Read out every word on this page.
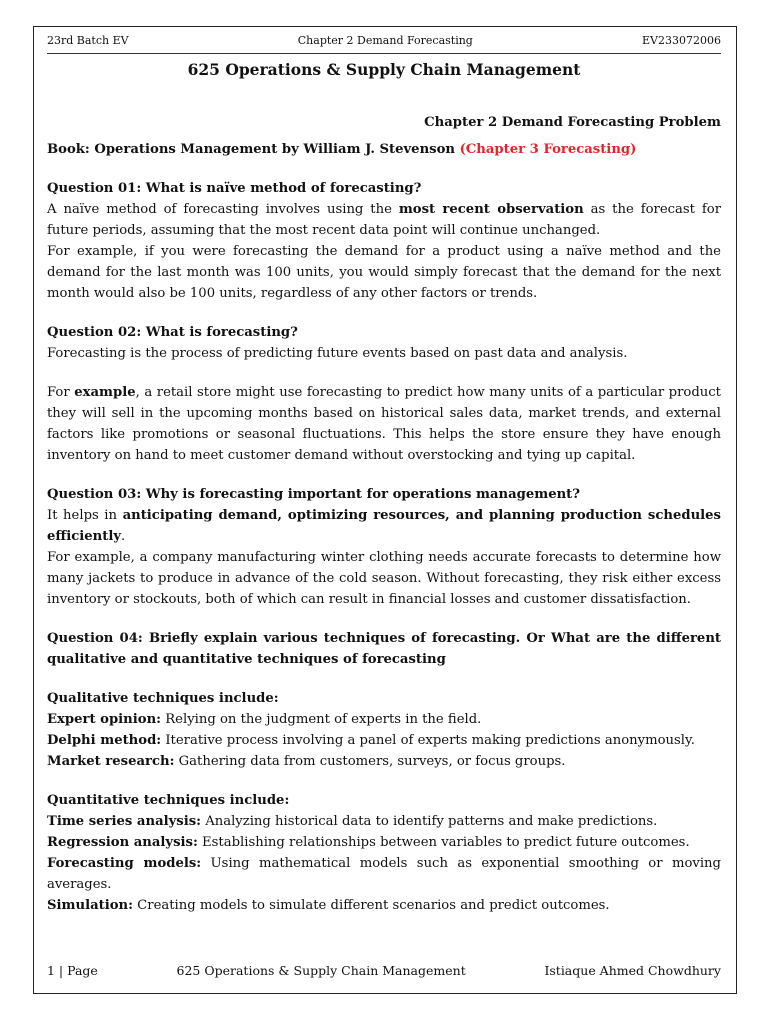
23rd Batch EV	Chapter 2 Demand Forecasting	EV233072006
625 Operations & Supply Chain Management

Chapter 2 Demand Forecasting Problem

Book: Operations Management by William J. Stevenson (Chapter 3 Forecasting)

Question 01: What is naïve method of forecasting?

A naïve method of forecasting involves using the most recent observation as the forecast for future periods, assuming that the most recent data point will continue unchanged.

For example, if you were forecasting the demand for a product using a naïve method and the demand for the last month was 100 units, you would simply forecast that the demand for the next month would also be 100 units, regardless of any other factors or trends.

Question 02: What is forecasting?

Forecasting is the process of predicting future events based on past data and analysis.

For example, a retail store might use forecasting to predict how many units of a particular product they will sell in the upcoming months based on historical sales data, market trends, and external factors like promotions or seasonal fluctuations. This helps the store ensure they have enough inventory on hand to meet customer demand without overstocking and tying up capital.

Question 03: Why is forecasting important for operations management?

It helps in anticipating demand, optimizing resources, and planning production schedules efficiently.

For example, a company manufacturing winter clothing needs accurate forecasts to determine how many jackets to produce in advance of the cold season. Without forecasting, they risk either excess inventory or stockouts, both of which can result in financial losses and customer dissatisfaction.

Question 04: Briefly explain various techniques of forecasting. Or What are the different qualitative and quantitative techniques of forecasting

Qualitative techniques include:

Expert opinion: Relying on the judgment of experts in the field.

Delphi method: Iterative process involving a panel of experts making predictions anonymously.

Market research: Gathering data from customers, surveys, or focus groups.

Quantitative techniques include:

Time series analysis: Analyzing historical data to identify patterns and make predictions.

Regression analysis: Establishing relationships between variables to predict future outcomes.

Forecasting models: Using mathematical models such as exponential smoothing or moving averages.

Simulation: Creating models to simulate different scenarios and predict outcomes.

1 | Page	625 Operations & Supply Chain Management	Istiaque Ahmed Chowdhury
